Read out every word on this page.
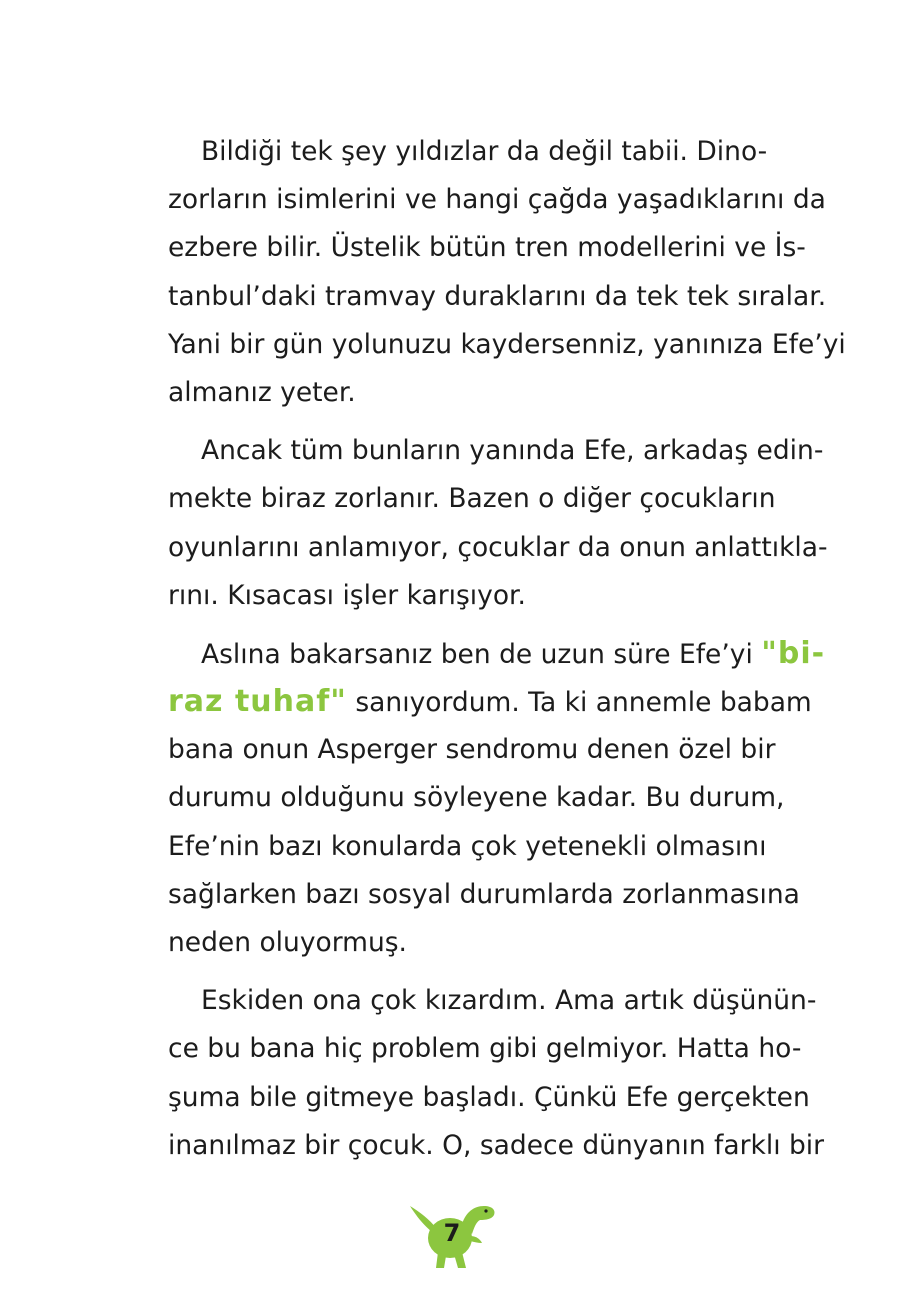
Bildiği tek şey yıldızlar da değil tabii. Dino-
zorların isimlerini ve hangi çağda yaşadıklarını da
ezbere bilir. Üstelik bütün tren modellerini ve İs-
tanbul’daki tramvay duraklarını da tek tek sıralar.
Yani bir gün yolunuzu kaydersenniz, yanınıza Efe’yi
almanız yeter.
Ancak tüm bunların yanında Efe, arkadaş edin-
mekte biraz zorlanır. Bazen o diğer çocukların
oyunlarını anlamıyor, çocuklar da onun anlattıkla-
rını. Kısacası işler karışıyor.
Aslına bakarsanız ben de uzun süre Efe’yi "bi-
raz tuhaf" sanıyordum. Ta ki annemle babam
bana onun Asperger sendromu denen özel bir
durumu olduğunu söyleyene kadar. Bu durum,
Efe’nin bazı konularda çok yetenekli olmasını
sağlarken bazı sosyal durumlarda zorlanmasına
neden oluyormuş.
Eskiden ona çok kızardım. Ama artık düşünün-
ce bu bana hiç problem gibi gelmiyor. Hatta ho-
şuma bile gitmeye başladı. Çünkü Efe gerçekten
inanılmaz bir çocuk. O, sadece dünyanın farklı bir
7
